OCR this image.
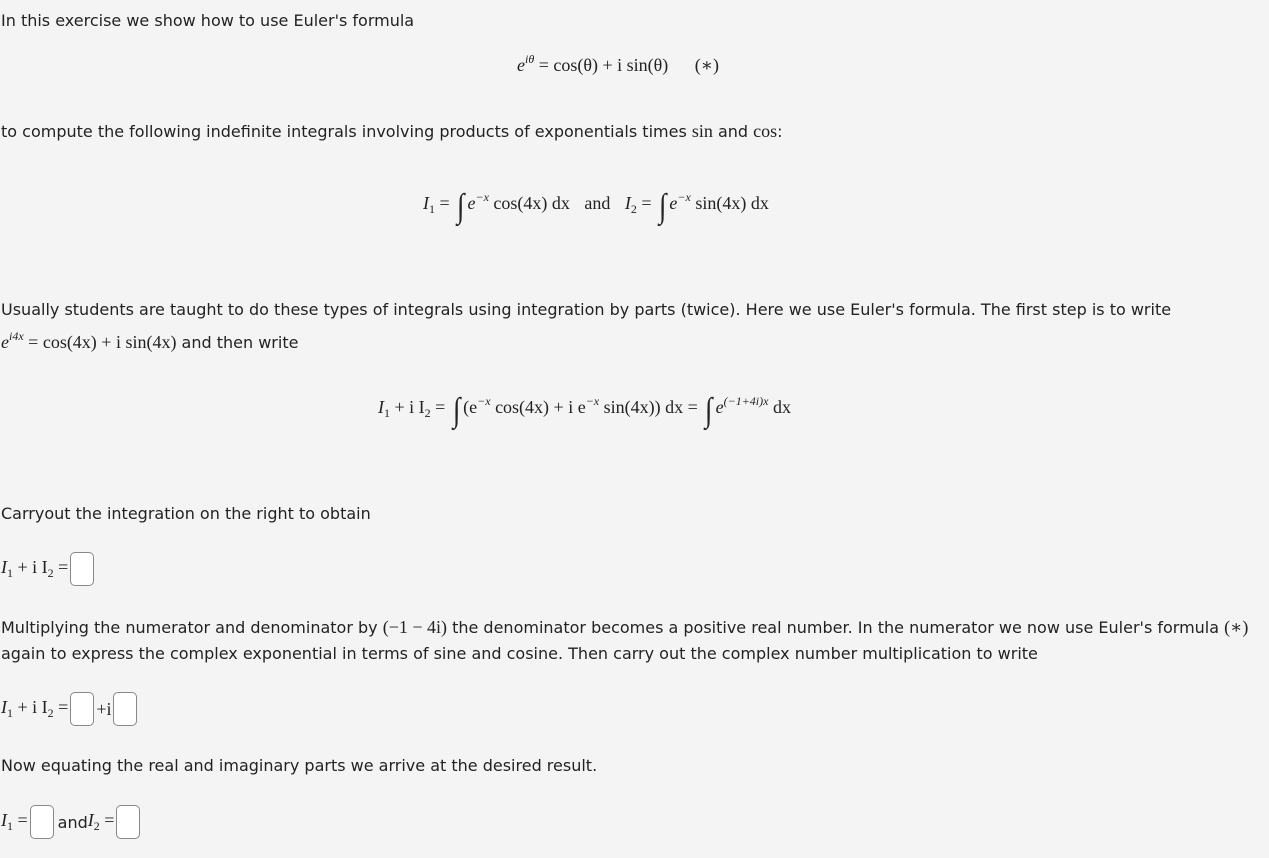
In this exercise we show how to use Euler's formula
$e^{i\theta} = \cos(\theta) + i$ sin(θ) (∗)
to compute the following indefinite integrals involving products of exponentials times sin and cos:
$I_1$ = ∫ $e^{-x}$ cos(4x) dx and $I_2$ = ∫ $e^{-x}$ sin(4x) dx
Usually students are taught to do these types of integrals using integration by parts (twice). Here we use Euler's formula. The first step is to write
$e^{i4x} = \cos(4x) + i$ sin(4x) and then write
$I_1 + i$ $I_2$ = ∫ ($e^{-x}$ cos(4x) + i $e^{-x}$ sin(4x)) dx = ∫ $e^{(-1+4i)x}$ dx
Carryout the integration on the right to obtain
$I_1 + i$ $I_2$ =
Multiplying the numerator and denominator by (−1 − 4i) the denominator becomes a positive real number. In the numerator we now use Euler's formula (∗) again to express the complex exponential in terms of sine and cosine. Then carry out the complex number multiplication to write
$I_1 + i$ $I_2 = +i$
Now equating the real and imaginary parts we arrive at the desired result.
$I_1$ = and $I_2$ =
